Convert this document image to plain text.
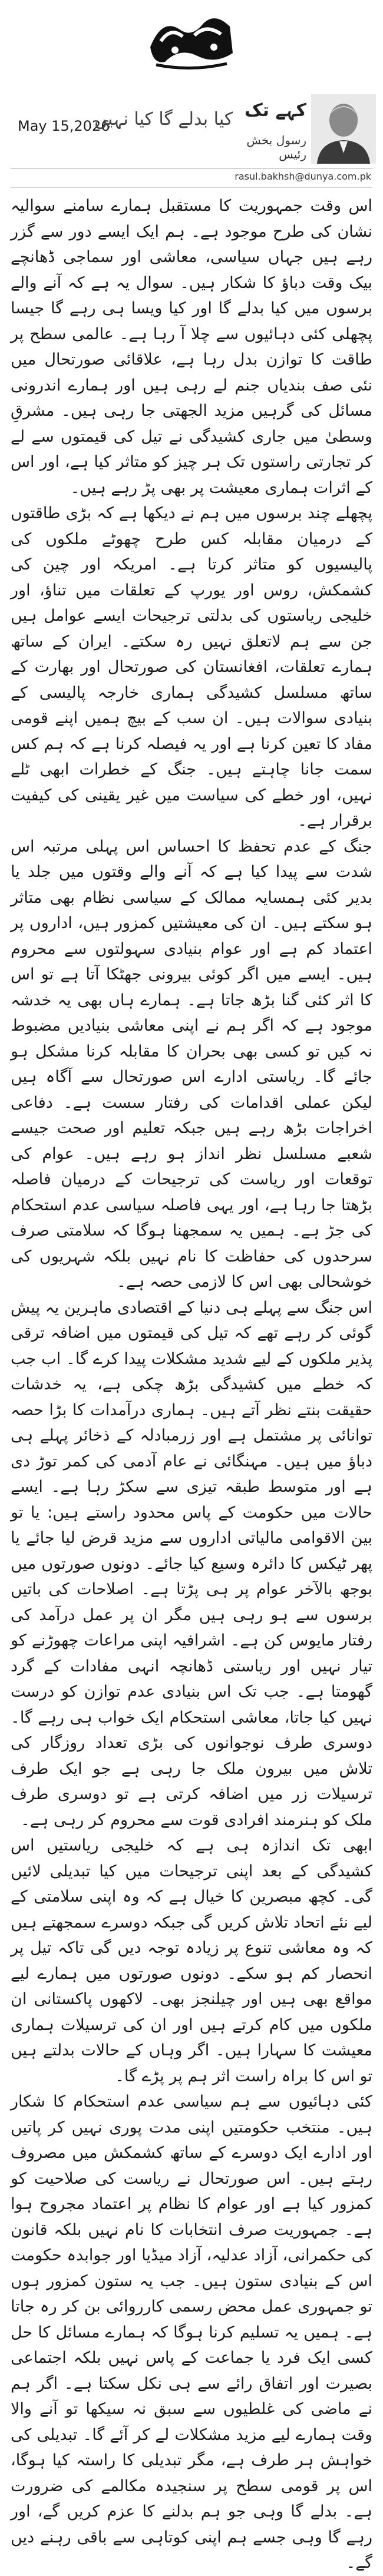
May 15,2026
کیا بدلے گا کیا نہیں کہے تک
رسول بخش رئیس
rasul.bakhsh@dunya.com.pk

اس وقت جمہوریت کا مستقبل ہمارے سامنے سوالیہ نشان کی طرح موجود ہے۔ ہم ایک ایسے دور سے گزر رہے ہیں جہاں سیاسی، معاشی اور سماجی ڈھانچے بیک وقت دباؤ کا شکار ہیں۔ سوال یہ ہے کہ آنے والے برسوں میں کیا بدلے گا اور کیا ویسا ہی رہے گا جیسا پچھلی کئی دہائیوں سے چلا آ رہا ہے۔ عالمی سطح پر طاقت کا توازن بدل رہا ہے، علاقائی صورتحال میں نئی صف بندیاں جنم لے رہی ہیں اور ہمارے اندرونی مسائل کی گرہیں مزید الجھتی جا رہی ہیں۔ مشرقِ وسطیٰ میں جاری کشیدگی نے تیل کی قیمتوں سے لے کر تجارتی راستوں تک ہر چیز کو متاثر کیا ہے، اور اس کے اثرات ہماری معیشت پر بھی پڑ رہے ہیں۔

پچھلے چند برسوں میں ہم نے دیکھا ہے کہ بڑی طاقتوں کے درمیان مقابلہ کس طرح چھوٹے ملکوں کی پالیسیوں کو متاثر کرتا ہے۔ امریکہ اور چین کی کشمکش، روس اور یورپ کے تعلقات میں تناؤ، اور خلیجی ریاستوں کی بدلتی ترجیحات ایسے عوامل ہیں جن سے ہم لاتعلق نہیں رہ سکتے۔ ایران کے ساتھ ہمارے تعلقات، افغانستان کی صورتحال اور بھارت کے ساتھ مسلسل کشیدگی ہماری خارجہ پالیسی کے بنیادی سوالات ہیں۔ ان سب کے بیچ ہمیں اپنے قومی مفاد کا تعین کرنا ہے اور یہ فیصلہ کرنا ہے کہ ہم کس سمت جانا چاہتے ہیں۔ جنگ کے خطرات ابھی ٹلے نہیں، اور خطے کی سیاست میں غیر یقینی کی کیفیت برقرار ہے۔

جنگ کے عدم تحفظ کا احساس اس پہلی مرتبہ اس شدت سے پیدا کیا ہے کہ آنے والے وقتوں میں جلد یا بدیر کئی ہمسایہ ممالک کے سیاسی نظام بھی متاثر ہو سکتے ہیں۔ ان کی معیشتیں کمزور ہیں، اداروں پر اعتماد کم ہے اور عوام بنیادی سہولتوں سے محروم ہیں۔ ایسے میں اگر کوئی بیرونی جھٹکا آتا ہے تو اس کا اثر کئی گنا بڑھ جاتا ہے۔ ہمارے ہاں بھی یہ خدشہ موجود ہے کہ اگر ہم نے اپنی معاشی بنیادیں مضبوط نہ کیں تو کسی بھی بحران کا مقابلہ کرنا مشکل ہو جائے گا۔ ریاستی ادارے اس صورتحال سے آگاہ ہیں لیکن عملی اقدامات کی رفتار سست ہے۔ دفاعی اخراجات بڑھ رہے ہیں جبکہ تعلیم اور صحت جیسے شعبے مسلسل نظر انداز ہو رہے ہیں۔ عوام کی توقعات اور ریاست کی ترجیحات کے درمیان فاصلہ بڑھتا جا رہا ہے، اور یہی فاصلہ سیاسی عدم استحکام کی جڑ ہے۔ ہمیں یہ سمجھنا ہوگا کہ سلامتی صرف سرحدوں کی حفاظت کا نام نہیں بلکہ شہریوں کی خوشحالی بھی اس کا لازمی حصہ ہے۔

اس جنگ سے پہلے ہی دنیا کے اقتصادی ماہرین یہ پیش گوئی کر رہے تھے کہ تیل کی قیمتوں میں اضافہ ترقی پذیر ملکوں کے لیے شدید مشکلات پیدا کرے گا۔ اب جب کہ خطے میں کشیدگی بڑھ چکی ہے، یہ خدشات حقیقت بنتے نظر آتے ہیں۔ ہماری درآمدات کا بڑا حصہ توانائی پر مشتمل ہے اور زرمبادلہ کے ذخائر پہلے ہی دباؤ میں ہیں۔ مہنگائی نے عام آدمی کی کمر توڑ دی ہے اور متوسط طبقہ تیزی سے سکڑ رہا ہے۔ ایسے حالات میں حکومت کے پاس محدود راستے ہیں: یا تو بین الاقوامی مالیاتی اداروں سے مزید قرض لیا جائے یا پھر ٹیکس کا دائرہ وسیع کیا جائے۔ دونوں صورتوں میں بوجھ بالآخر عوام پر ہی پڑتا ہے۔ اصلاحات کی باتیں برسوں سے ہو رہی ہیں مگر ان پر عمل درآمد کی رفتار مایوس کن ہے۔ اشرافیہ اپنی مراعات چھوڑنے کو تیار نہیں اور ریاستی ڈھانچہ انہی مفادات کے گرد گھومتا ہے۔ جب تک اس بنیادی عدم توازن کو درست نہیں کیا جاتا، معاشی استحکام ایک خواب ہی رہے گا۔ دوسری طرف نوجوانوں کی بڑی تعداد روزگار کی تلاش میں بیرون ملک جا رہی ہے جو ایک طرف ترسیلات زر میں اضافہ کرتی ہے تو دوسری طرف ملک کو ہنرمند افرادی قوت سے محروم کر رہی ہے۔

ابھی تک اندازہ ہی ہے کہ خلیجی ریاستیں اس کشیدگی کے بعد اپنی ترجیحات میں کیا تبدیلی لائیں گی۔ کچھ مبصرین کا خیال ہے کہ وہ اپنی سلامتی کے لیے نئے اتحاد تلاش کریں گی جبکہ دوسرے سمجھتے ہیں کہ وہ معاشی تنوع پر زیادہ توجہ دیں گی تاکہ تیل پر انحصار کم ہو سکے۔ دونوں صورتوں میں ہمارے لیے مواقع بھی ہیں اور چیلنجز بھی۔ لاکھوں پاکستانی ان ملکوں میں کام کرتے ہیں اور ان کی ترسیلات ہماری معیشت کا سہارا ہیں۔ اگر وہاں کے حالات بدلتے ہیں تو اس کا براہ راست اثر ہم پر پڑے گا۔

کئی دہائیوں سے ہم سیاسی عدم استحکام کا شکار ہیں۔ منتخب حکومتیں اپنی مدت پوری نہیں کر پاتیں اور ادارے ایک دوسرے کے ساتھ کشمکش میں مصروف رہتے ہیں۔ اس صورتحال نے ریاست کی صلاحیت کو کمزور کیا ہے اور عوام کا نظام پر اعتماد مجروح ہوا ہے۔ جمہوریت صرف انتخابات کا نام نہیں بلکہ قانون کی حکمرانی، آزاد عدلیہ، آزاد میڈیا اور جوابدہ حکومت اس کے بنیادی ستون ہیں۔ جب یہ ستون کمزور ہوں تو جمہوری عمل محض رسمی کارروائی بن کر رہ جاتا ہے۔ ہمیں یہ تسلیم کرنا ہوگا کہ ہمارے مسائل کا حل کسی ایک فرد یا جماعت کے پاس نہیں بلکہ اجتماعی بصیرت اور اتفاق رائے سے ہی نکل سکتا ہے۔ اگر ہم نے ماضی کی غلطیوں سے سبق نہ سیکھا تو آنے والا وقت ہمارے لیے مزید مشکلات لے کر آئے گا۔ تبدیلی کی خواہش ہر طرف ہے، مگر تبدیلی کا راستہ کیا ہوگا، اس پر قومی سطح پر سنجیدہ مکالمے کی ضرورت ہے۔ بدلے گا وہی جو ہم بدلنے کا عزم کریں گے، اور رہے گا وہی جسے ہم اپنی کوتاہی سے باقی رہنے دیں گے۔
